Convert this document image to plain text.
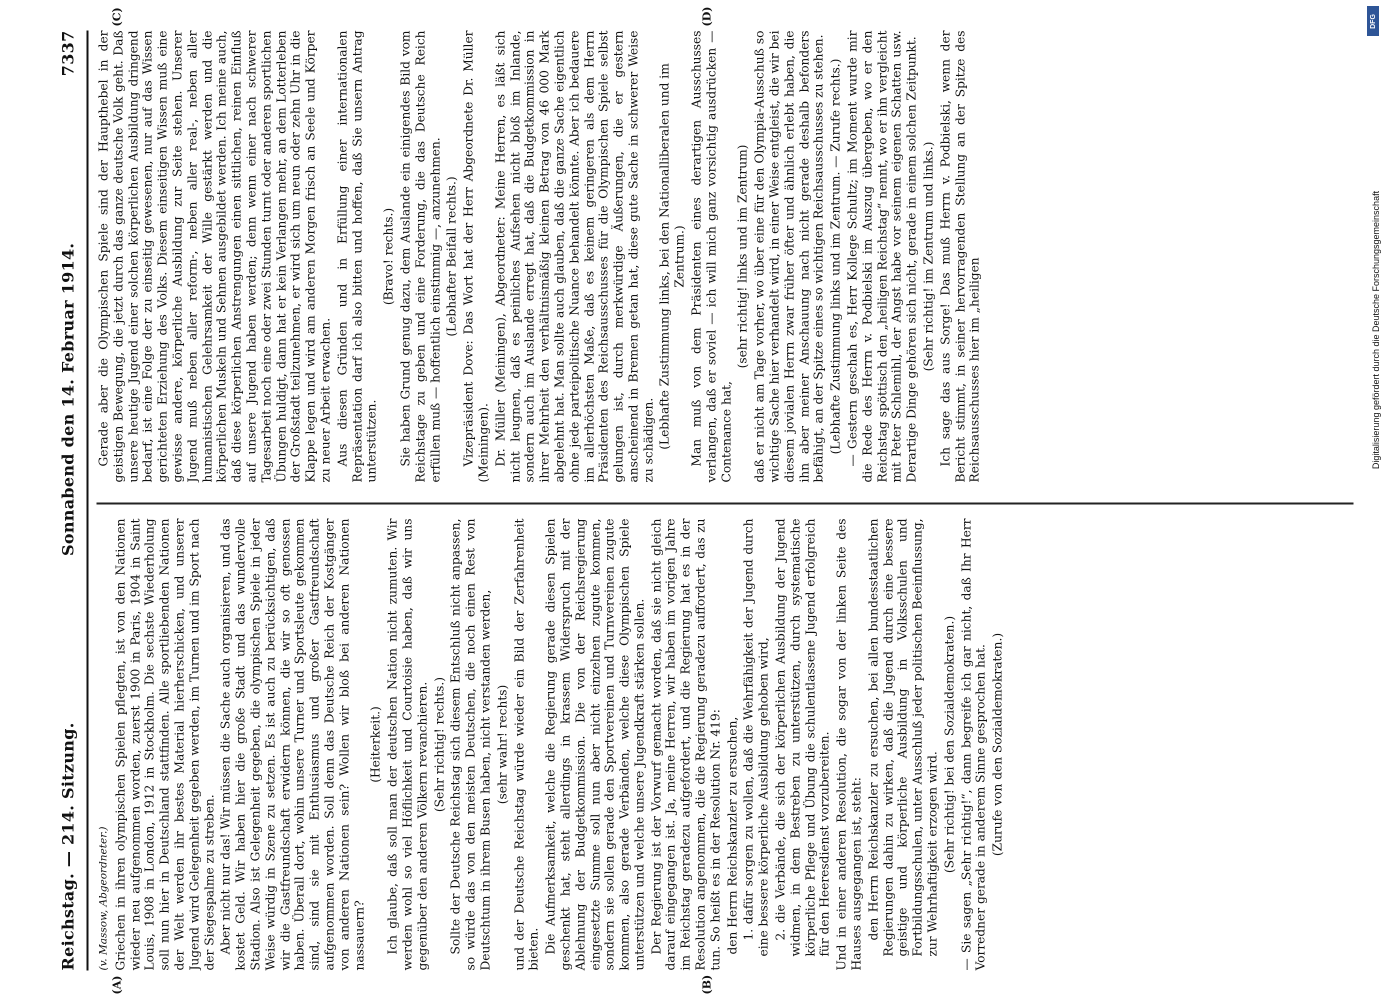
Reichstag. — 214. Sitzung.
Sonnabend den 14. Februar 1914.
7337
(A)	(B)
(C)	(D)

(v. Massow, Abgeordneter.) Griechen in ihren olympischen Spielen pflegten, ist von den Nationen wieder neu aufgenommen worden, zuerst 1900 in Paris, 1904 in Saint Louis, 1908 in London, 1912 in Stockholm. Die sechste Wiederholung soll nun hier in Deutschland stattfinden. Alle sportliebenden Nationen der Welt werden ihr bestes Material hierherschicken, und unserer Jugend wird Gelegenheit gegeben werden, im Turnen und im Sport nach der Siegespalme zu streben. Aber nicht nur das! Wir müssen die Sache auch organisieren, und das kostet Geld. Wir haben hier die große Stadt und das wundervolle Stadion. Also ist Gelegenheit gegeben, die olympischen Spiele in jeder Weise würdig in Szene zu setzen. Es ist auch zu berücksichtigen, daß wir die Gastfreundschaft erwidern können, die wir so oft genossen haben. Überall dort, wohin unsere Turner und Sportsleute gekommen sind, sind sie mit Enthusiasmus und großer Gastfreundschaft aufgenommen worden. Soll denn das Deutsche Reich der Kostgänger von anderen Nationen sein? Wollen wir bloß bei anderen Nationen nassauern?

(Heiterkeit.) Ich glaube, daß soll man der deutschen Nation nicht zumuten. Wir werden wohl so viel Höflichkeit und Courtoisie haben, daß wir uns gegenüber den anderen Völkern revanchieren. (Sehr richtig! rechts.) Sollte der Deutsche Reichstag sich diesem Entschluß nicht anpassen, so würde das von den meisten Deutschen, die noch einen Rest von Deutschtum in ihrem Busen haben, nicht verstanden werden, (sehr wahr! rechts) und der Deutsche Reichstag würde wieder ein Bild der Zerfahrenheit bieten. Die Aufmerksamkeit, welche die Regierung gerade diesen Spielen geschenkt hat, steht allerdings in krassem Widerspruch mit der Ablehnung der Budgetkommission. Die von der Reichsregierung eingesetzte Summe soll nun aber nicht einzelnen zugute kommen, sondern sie sollen gerade den Sportvereinen und Turnvereinen zugute kommen, also gerade Verbänden, welche diese Olympischen Spiele unterstützen und welche unsere Jugendkraft stärken sollen. Der Regierung ist der Vorwurf gemacht worden, daß sie nicht gleich darauf eingegangen ist. Ja, meine Herren, wir haben im vorigen Jahre im Reichstag geradezu aufgefordert, und die Regierung hat es in der Resolution angenommen, die die Regierung geradezu auffordert, das zu tun. So heißt es in der Resolution Nr. 419: den Herrn Reichskanzler zu ersuchen, 1. dafür sorgen zu wollen, daß die Wehrfähigkeit der Jugend durch eine bessere körperliche Ausbildung gehoben wird, 2. die Verbände, die sich der körperlichen Ausbildung der Jugend widmen, in dem Bestreben zu unterstützen, durch systematische körperliche Pflege und Übung die schulentlassene Jugend erfolgreich für den Heeresdienst vorzubereiten. Und in einer anderen Resolution, die sogar von der linken Seite des Hauses ausgegangen ist, steht: den Herrn Reichskanzler zu ersuchen, bei allen bundesstaatlichen Regierungen dahin zu wirken, daß die Jugend durch eine bessere geistige und körperliche Ausbildung in Volksschulen und Fortbildungsschulen, unter Ausschluß jeder politischen Beeinflussung, zur Wehrhaftigkeit erzogen wird. (Sehr richtig! bei den Sozialdemokraten.) — Sie sagen „Sehr richtig!“, dann begreife ich gar nicht, daß Ihr Herr Vorredner gerade in anderem Sinne gesprochen hat. (Zurufe von den Sozialdemokraten.)

Gerade aber die Olympischen Spiele sind der Haupthebel in der geistigen Bewegung, die jetzt durch das ganze deutsche Volk geht. Daß unsere heutige Jugend einer solchen körperlichen Ausbildung dringend bedarf, ist eine Folge der zu einseitig gewesenen, nur auf das Wissen gerichteten Erziehung des Volks. Diesem einseitigen Wissen muß eine gewisse andere, körperliche Ausbildung zur Seite stehen. Unserer Jugend muß neben aller reform-, neben aller real-, neben aller humanistischen Gelehrsamkeit der Wille gestärkt werden und die körperlichen Muskeln und Sehnen ausgebildet werden. Ich meine auch, daß diese körperlichen Anstrengungen einen sittlichen, reinen Einfluß auf unsere Jugend haben werden; denn wenn einer nach schwerer Tagesarbeit noch eine oder zwei Stunden turnt oder anderen sportlichen Übungen huldigt, dann hat er kein Verlangen mehr, an dem Lotterleben der Großstadt teilzunehmen, er wird sich um neun oder zehn Uhr in die Klappe legen und wird am anderen Morgen frisch an Seele und Körper zu neuer Arbeit erwachen. Aus diesen Gründen und in Erfüllung einer internationalen Repräsentation darf ich also bitten und hoffen, daß Sie unsern Antrag unterstützen.

(Bravo! rechts.) Sie haben Grund genug dazu, dem Auslande ein einigendes Bild vom Reichstage zu geben und eine Forderung, die das Deutsche Reich erfüllen muß — hoffentlich einstimmig —, anzunehmen. (Lebhafter Beifall rechts.) Vizepräsident Dove: Das Wort hat der Herr Abgeordnete Dr. Müller (Meiningen). Dr. Müller (Meiningen), Abgeordneter: Meine Herren, es läßt sich nicht leugnen, daß es peinliches Aufsehen nicht bloß im Inlande, sondern auch im Auslande erregt hat, daß die Budgetkommission in ihrer Mehrheit den verhältnismäßig kleinen Betrag von 46 000 Mark abgelehnt hat. Man sollte auch glauben, daß die ganze Sache eigentlich ohne jede parteipolitische Nuance behandelt könnte. Aber ich bedauere im allerhöchsten Maße, daß es keinem geringeren als dem Herrn Präsidenten des Reichsausschusses für die Olympischen Spiele selbst gelungen ist, durch merkwürdige Äußerungen, die er gestern anscheinend in Bremen getan hat, diese gute Sache in schwerer Weise zu schädigen. (Lebhafte Zustimmung links, bei den Nationalliberalen und im Zentrum.) Man muß von dem Präsidenten eines derartigen Ausschusses verlangen, daß er soviel — ich will mich ganz vorsichtig ausdrücken — Contenance hat,

(sehr richtig! links und im Zentrum) daß er nicht am Tage vorher, wo über eine für den Olympia-Ausschuß so wichtige Sache hier verhandelt wird, in einer Weise entgleist, die wir bei diesem jovialen Herrn zwar früher öfter und ähnlich erlebt haben, die ihn aber meiner Anschauung nach nicht gerade deshalb befonders befähigt, an der Spitze eines so wichtigen Reichsausschusses zu stehen. (Lebhafte Zustimmung links und im Zentrum. — Zurufe rechts.) — Gestern geschah es, Herr Kollege Schultz; im Moment wurde mir die Rede des Herrn v. Podbielski im Auszug übergeben, wo er den Reichstag spöttisch den „heiligen Reichstag“ nennt, wo er ihn vergleicht mit Peter Schlemihl, der Angst habe vor seinem eigenen Schatten usw. Derartige Dinge gehören sich nicht, gerade in einem solchen Zeitpunkt. (Sehr richtig! im Zentrum und links.) Ich sage das aus Sorge! Das muß Herrn v. Podbielski, wenn der Bericht stimmt, in seiner hervorragenden Stellung an der Spitze des Reichsausschusses hier im „heiligen

DFG
Digitalisierung gefördert durch die Deutsche Forschungsgemeinschaft
